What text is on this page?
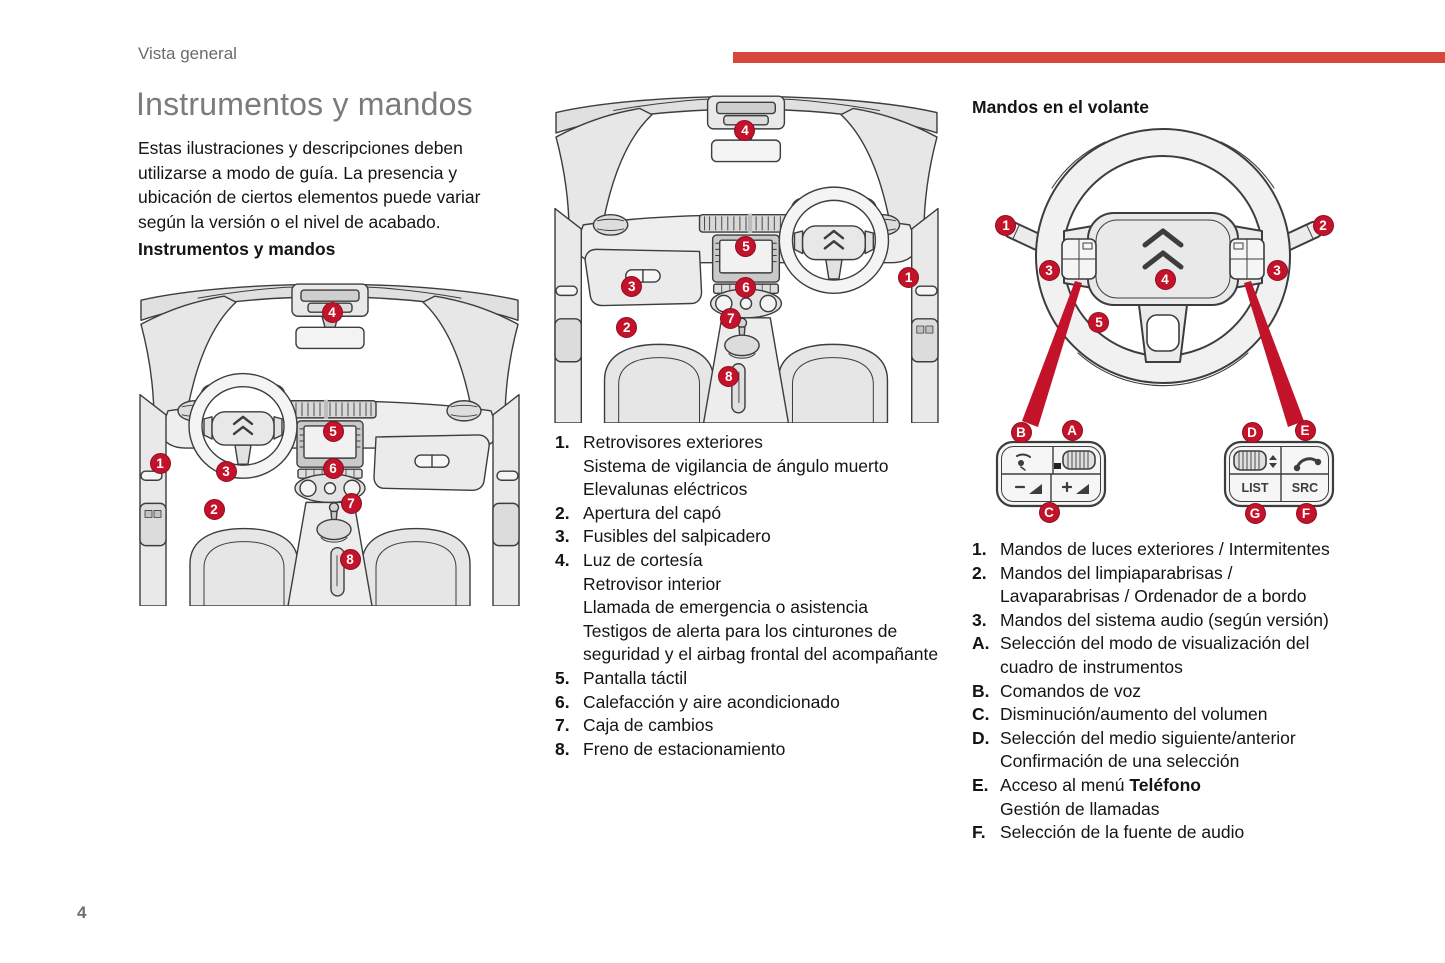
Vista general
Instrumentos y mandos
Estas ilustraciones y descripciones deben
utilizarse a modo de guía. La presencia y
ubicación de ciertos elementos puede variar
según la versión o el nivel de acabado.
Instrumentos y mandos
4
5
6
7
8
1
2
3
4
5
6
7
8
1
2
3
1. Retrovisores exteriores
Sistema de vigilancia de ángulo muerto
Elevalunas eléctricos
2. Apertura del capó
3. Fusibles del salpicadero
4. Luz de cortesía
Retrovisor interior
Llamada de emergencia o asistencia
Testigos de alerta para los cinturones de
seguridad y el airbag frontal del acompañante
5. Pantalla táctil
6. Calefacción y aire acondicionado
7. Caja de cambios
8. Freno de estacionamiento
Mandos en el volante
LIST SRC
1	2
3	3
4
5
B	A
C
D	E
G	F
1. Mandos de luces exteriores / Intermitentes
2. Mandos del limpiaparabrisas /
Lavaparabrisas / Ordenador de a bordo
3. Mandos del sistema audio (según versión)
A. Selección del modo de visualización del
cuadro de instrumentos
B. Comandos de voz
C. Disminución/aumento del volumen
D. Selección del medio siguiente/anterior
Confirmación de una selección
E. Acceso al menú Teléfono
Gestión de llamadas
F. Selección de la fuente de audio
4
